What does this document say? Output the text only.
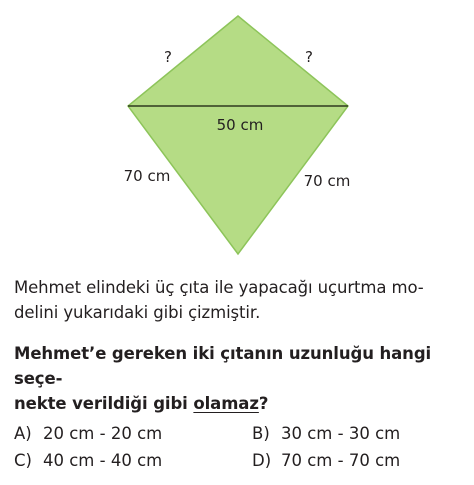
?	?
50 cm
70 cm	70 cm
Mehmet elindeki üç çıta ile yapacağı uçurtma mo-
delini yukarıdaki gibi çizmiştir.
Mehmet’e gereken iki çıtanın uzunluğu hangi seçe-
nekte verildiği gibi olamaz?
A) 20 cm - 20 cm	B) 30 cm - 30 cm
C) 40 cm - 40 cm	D) 70 cm - 70 cm
